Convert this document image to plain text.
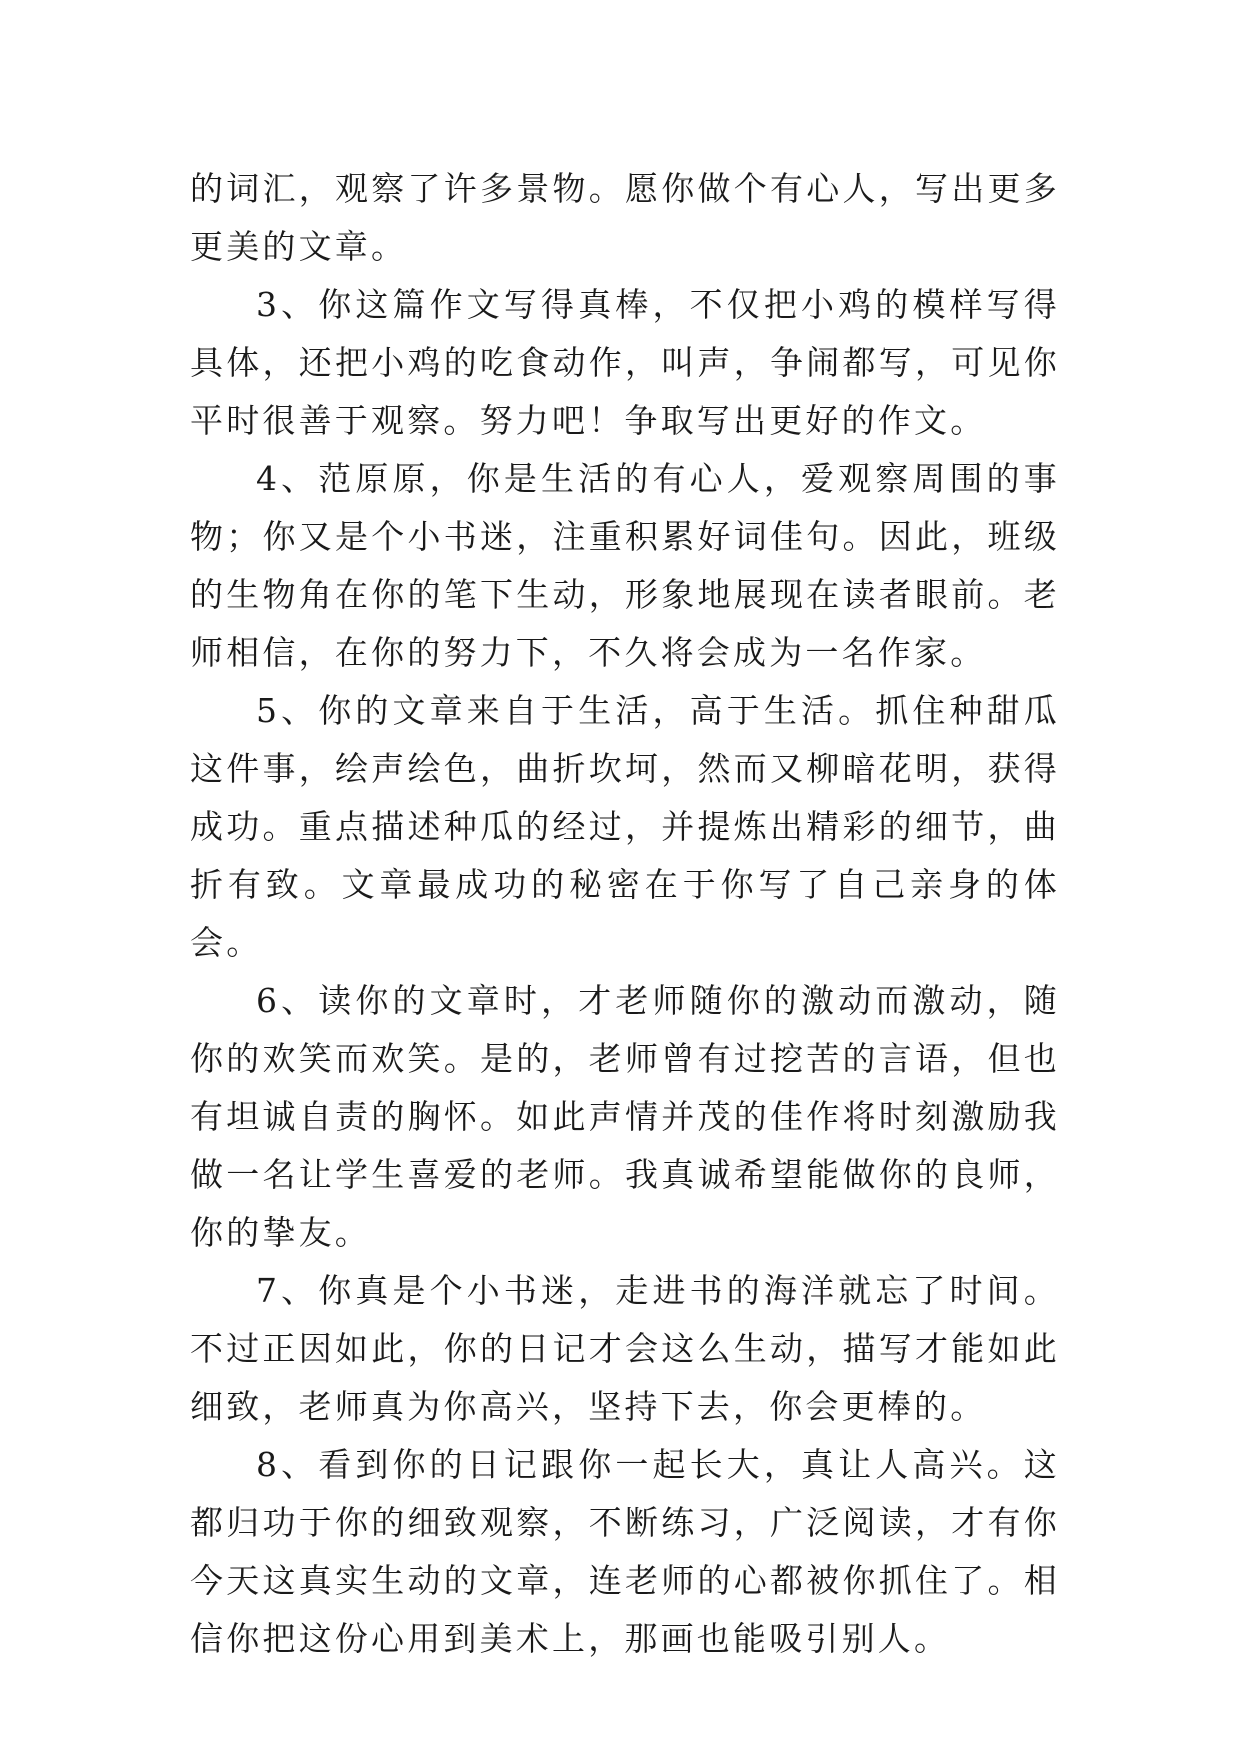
的词汇，观察了许多景物。愿你做个有心人，写出更多更美的文章。

3、你这篇作文写得真棒，不仅把小鸡的模样写得具体，还把小鸡的吃食动作，叫声，争闹都写，可见你平时很善于观察。努力吧！争取写出更好的作文。

4、范原原，你是生活的有心人，爱观察周围的事物；你又是个小书迷，注重积累好词佳句。因此，班级的生物角在你的笔下生动，形象地展现在读者眼前。老师相信，在你的努力下，不久将会成为一名作家。

5、你的文章来自于生活，高于生活。抓住种甜瓜这件事，绘声绘色，曲折坎坷，然而又柳暗花明，获得成功。重点描述种瓜的经过，并提炼出精彩的细节，曲折有致。文章最成功的秘密在于你写了自己亲身的体会。

6、读你的文章时，才老师随你的激动而激动，随你的欢笑而欢笑。是的，老师曾有过挖苦的言语，但也有坦诚自责的胸怀。如此声情并茂的佳作将时刻激励我做一名让学生喜爱的老师。我真诚希望能做你的良师，你的挚友。

7、你真是个小书迷，走进书的海洋就忘了时间。不过正因如此，你的日记才会这么生动，描写才能如此细致，老师真为你高兴，坚持下去，你会更棒的。

8、看到你的日记跟你一起长大，真让人高兴。这都归功于你的细致观察，不断练习，广泛阅读，才有你今天这真实生动的文章，连老师的心都被你抓住了。相信你把这份心用到美术上，那画也能吸引别人。
